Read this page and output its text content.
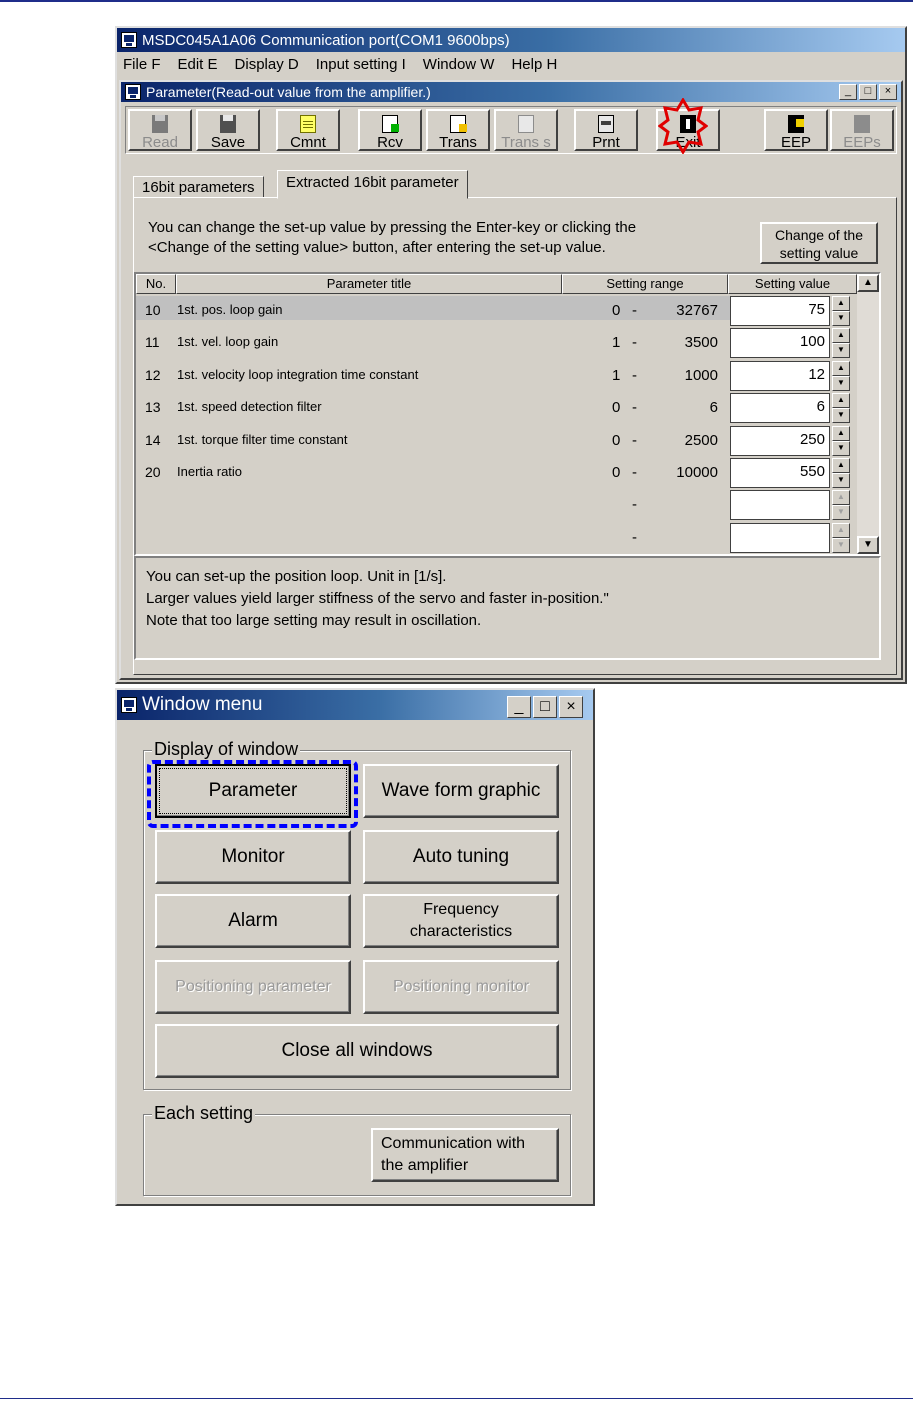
MSDC045A1A06 Communication port(COM1 9600bps)
File F Edit E Display D Input setting I Window W Help H
Parameter(Read-out value from the amplifier.)	_	□	×
Read	Save	Cmnt	Rcv	Trans	Trans s	Prnt	Exit	EEP	EEPs
16bit parameters	Extracted 16bit parameter
You can change the set-up value by pressing the Enter-key or clicking the
<Change of the setting value> button, after entering the set-up value.
Change of the
setting value
No.	Parameter title	Setting range	Setting value
10 1st. pos. loop gain	0 -	32767	75	▲
▼
11 1st. vel. loop gain	1 -	3500	100	▲
▼
12 1st. velocity loop integration time constant	1 -	1000	12	▲
▼
13 1st. speed detection filter	0 -	6	6	▲
▼
14 1st. torque filter time constant	0 -	2500	250	▲
▼
20 Inertia ratio	0 -	10000	550	▲
▼
-	▲
▼
-	▲
▼
▲
▼
You can set-up the position loop. Unit in [1/s].
Larger values yield larger stiffness of the servo and faster in-position."
Note that too large setting may result in oscillation.
Window menu	_	□	×
Display of window
Parameter	Wave form graphic
Monitor	Auto tuning
Alarm
Frequency
characteristics
Positioning parameter	Positioning monitor
Close all windows
Each setting
Communication with
the amplifier
